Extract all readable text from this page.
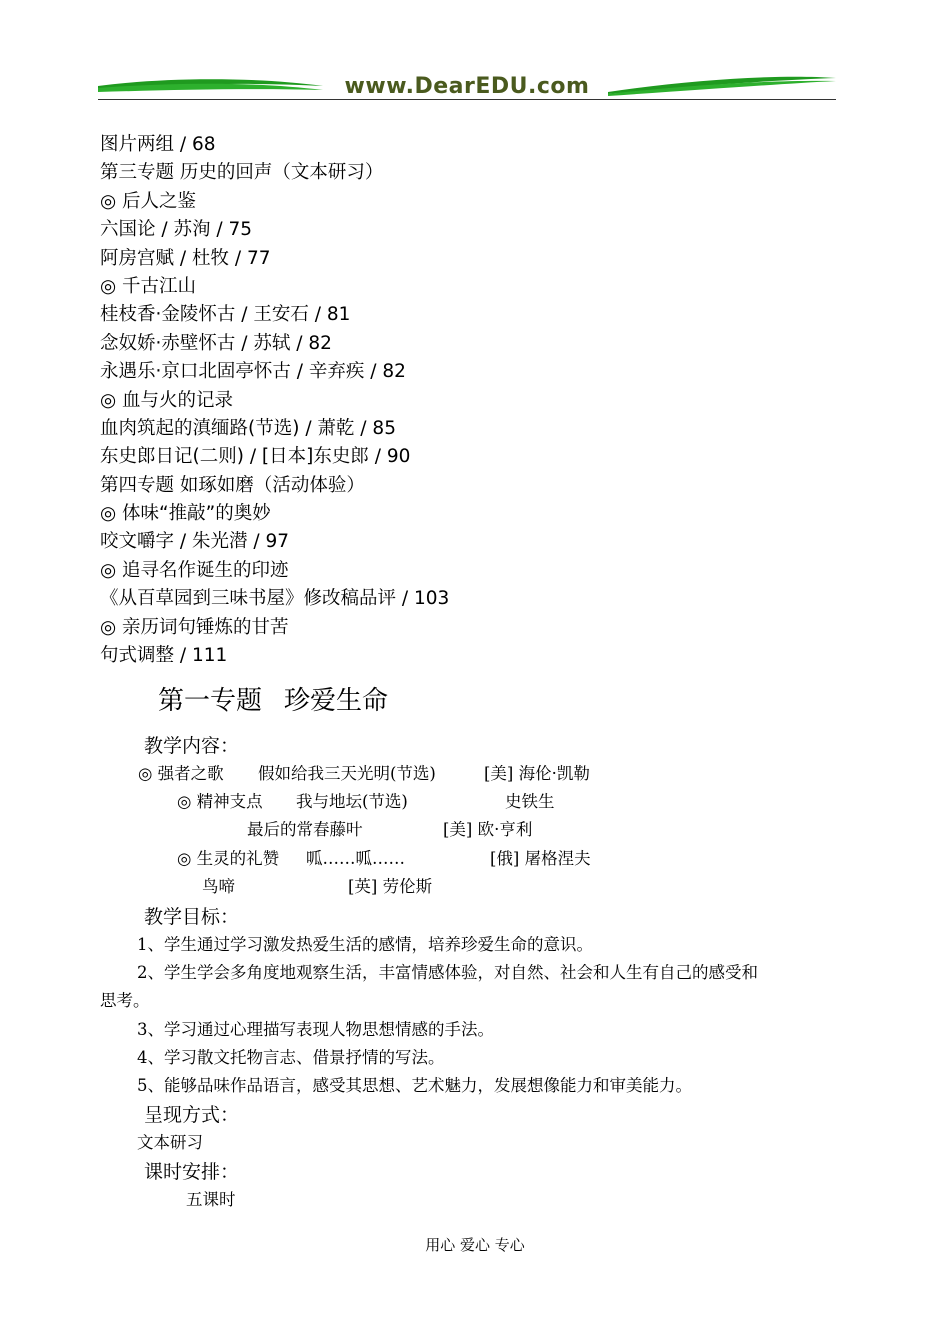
www.DearEDU.com
图片两组 / 68
第三专题 历史的回声（文本研习）
◎ 后人之鉴
六国论 / 苏洵 / 75
阿房宫赋 / 杜牧 / 77
◎ 千古江山
桂枝香·金陵怀古 / 王安石 / 81
念奴娇·赤壁怀古 / 苏轼 / 82
永遇乐·京口北固亭怀古 / 辛弃疾 / 82
◎ 血与火的记录
血肉筑起的滇缅路(节选) / 萧乾 / 85
东史郎日记(二则) / [日本]东史郎 / 90
第四专题 如琢如磨（活动体验）
◎ 体味“推敲”的奥妙
咬文嚼字 / 朱光潜 / 97
◎ 追寻名作诞生的印迹
《从百草园到三味书屋》修改稿品评 / 103
◎ 亲历词句锤炼的甘苦
句式调整 / 111
第一专题 珍爱生命
教学内容：
◎ 强者之歌 假如给我三天光明(节选)	[美] 海伦·凯勒
◎ 精神支点 我与地坛(节选)	史铁生
最后的常春藤叶	[美] 欧·亨利
◎ 生灵的礼赞 呱……呱……	[俄] 屠格涅夫
鸟啼	[英] 劳伦斯
教学目标：
1、学生通过学习激发热爱生活的感情，培养珍爱生命的意识。
2、学生学会多角度地观察生活，丰富情感体验，对自然、社会和人生有自己的感受和
思考。
3、学习通过心理描写表现人物思想情感的手法。
4、学习散文托物言志、借景抒情的写法。
5、能够品味作品语言，感受其思想、艺术魅力，发展想像能力和审美能力。
呈现方式：
文本研习
课时安排：
五课时
用心 爱心 专心
